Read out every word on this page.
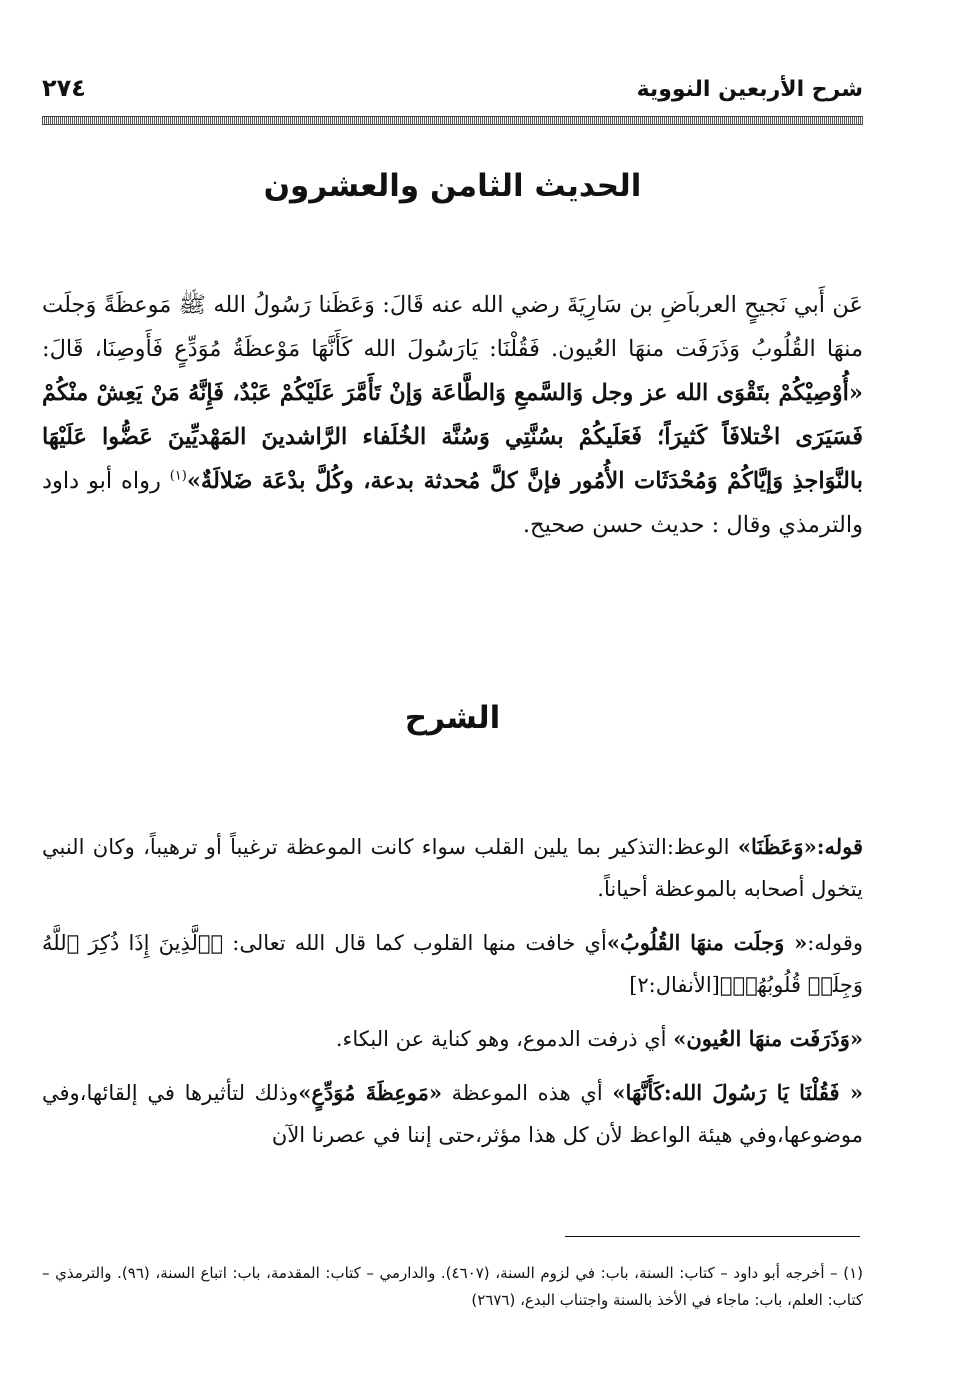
شرح الأربعين النووية
٢٧٤
الحديث الثامن والعشرون

عَن أَبي نَجيحٍ العرباَضِ بن سَارِيَةَ رضي الله عنه قَالَ: وَعَظَنا رَسُولُ الله ﷺ مَوعظَةً وَجلَت منهَا القُلُوبُ وَذَرَفَت منهَا العُيون. فَقُلْنَا: يَارَسُولَ الله كَأَنَّهَا مَوْعظَةُ مُوَدِّعٍ فَأَوصِنَا، قَالَ: «أُوْصِيْكُمْ بتَقْوَى الله عز وجل وَالسَّمعِ وَالطَّاعَة وَإنْ تَأَمَّرَ عَلَيْكُمْ عَبْدٌ، فَإِنَّهُ مَنْ يَعِشْ منْكُمْ فَسَيَرَى اخْتلافَاً كَثيرَاً؛ فَعَلَيكُمْ بسُنَّتِي وَسُنَّة الخُلَفاء الرَّاشدينَ المَهْديِّينَ عَضُّوا عَلَيْهَا بالنَّوَاجذِ وَإيَّاكُمْ وَمُحْدَثَات الأُمُور فإنَّ كلَّ مُحدثة بدعة، وكُلَّ بدْعَة ضَلالَةٌ»$^{(١)}$ رواه أبو داود والترمذي وقال : حديث حسن صحيح.

الشرح

قوله:«وَعَظَنَا» الوعظ:التذكير بما يلين القلب سواء كانت الموعظة ترغيباً أو ترهيباً، وكان النبي يتخول أصحابه بالموعظة أحياناً.

وقوله:« وَجلَت منهَا القُلُوبُ»أي خافت منها القلوب كما قال الله تعالى: ﴿ٱلَّذِينَ إِذَا ذُكِرَ ٱللَّهُ وَجِلَتۡ قُلُوبُهُمۡ﴾[الأنفال:٢]

«وَذَرَفَت منهَا العُيون» أي ذرفت الدموع، وهو كناية عن البكاء.

« فَقُلْنَا يَا رَسُولَ الله:كَأَنَّهَا» أي هذه الموعظة «مَوعِظَةَ مُوَدِّعٍ»وذلك لتأثيرها في إلقائها،وفي موضوعها،وفي هيئة الواعظ لأن كل هذا مؤثر،حتى إننا في عصرنا الآن

(١) – أخرجه أبو داود – كتاب: السنة، باب: في لزوم السنة، (٤٦٠٧). والدارمي – كتاب: المقدمة، باب: اتباع السنة، (٩٦). والترمذي – كتاب: العلم، باب: ماجاء في الأخذ بالسنة واجتناب البدع، (٢٦٧٦)
